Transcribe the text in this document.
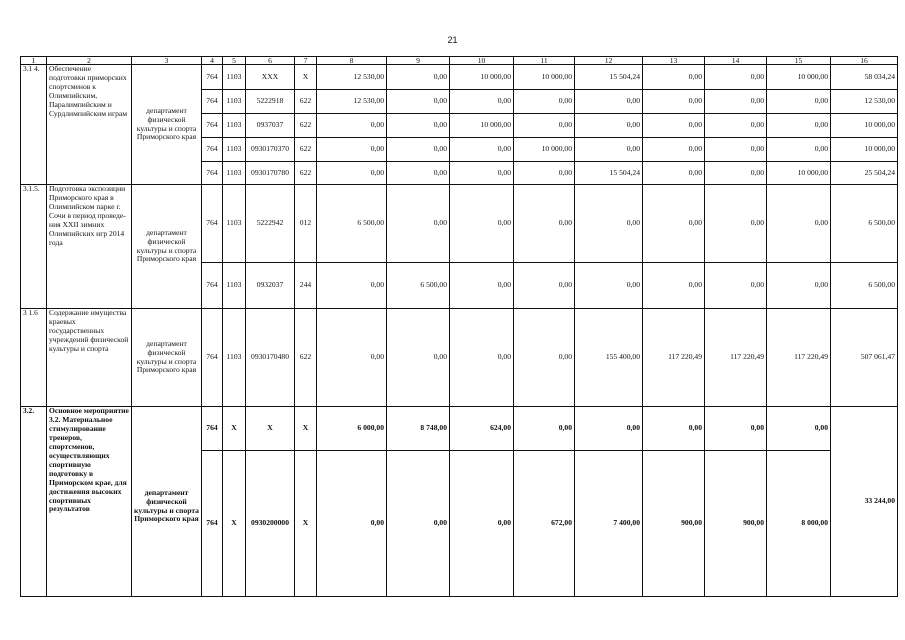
21
1	2	3	4	5	6	7	8	9	10	11	12	13	14	15	16
3.1 4.	Обеспечение подготовки приморских спортсменов к Олимпийским, Паралимпийским и Сурдлимпийским играм	департамент физической культуры и спорта Приморского края	764	1103	XXX	X	12 530,00	0,00	10 000,00	10 000,00	15 504,24	0,00	0,00	10 000,00	58 034,24
			764	1103	5222918	622	12 530,00	0,00	0,00	0,00	0,00	0,00	0,00	0,00	12 530,00
			764	1103	0937037	622	0,00	0,00	10 000,00	0,00	0,00	0,00	0,00	0,00	10 000,00
			764	1103	0930170370	622	0,00	0,00	0,00	10 000,00	0,00	0,00	0,00	0,00	10 000,00
			764	1103	0930170780	622	0,00	0,00	0,00	0,00	15 504,24	0,00	0,00	10 000,00	25 504,24
3.1.5.	Подготовка экспозиции Приморского края в Олимпийском парке г. Сочи в период проведе-ния XXII зимних Олимпийских игр 2014 года	департамент физической культуры и спорта Приморского края	764	1103	5222942	012	6 500,00	0,00	0,00	0,00	0,00	0,00	0,00	0,00	6 500,00
			764	1103	0932037	244	0,00	6 500,00	0,00	0,00	0,00	0,00	0,00	0,00	6 500,00
3 1.6	Содержание имущества краевых государственных учреждений физической культуры и спорта	департамент физической культуры и спорта Приморского края	764	1103	0930170480	622	0,00	0,00	0,00	0,00	155 400,00	117 220,49	117 220,49	117 220,49	507 061,47
3.2.	Основное мероприятие 3.2. Материальное стимулирование тренеров, спортсменов, осуществляющих спортивную подготовку в Приморском крае, для достижения высоких спортивных результатов	департамент физической культуры и спорта Приморского края	764	X	X	X	6 000,00	8 748,00	624,00	0,00	0,00	0,00	0,00	0,00	33 244,00
			764	X	0930200000	X	0,00	0,00	0,00	672,00	7 400,00	900,00	900,00	8 000,00	
